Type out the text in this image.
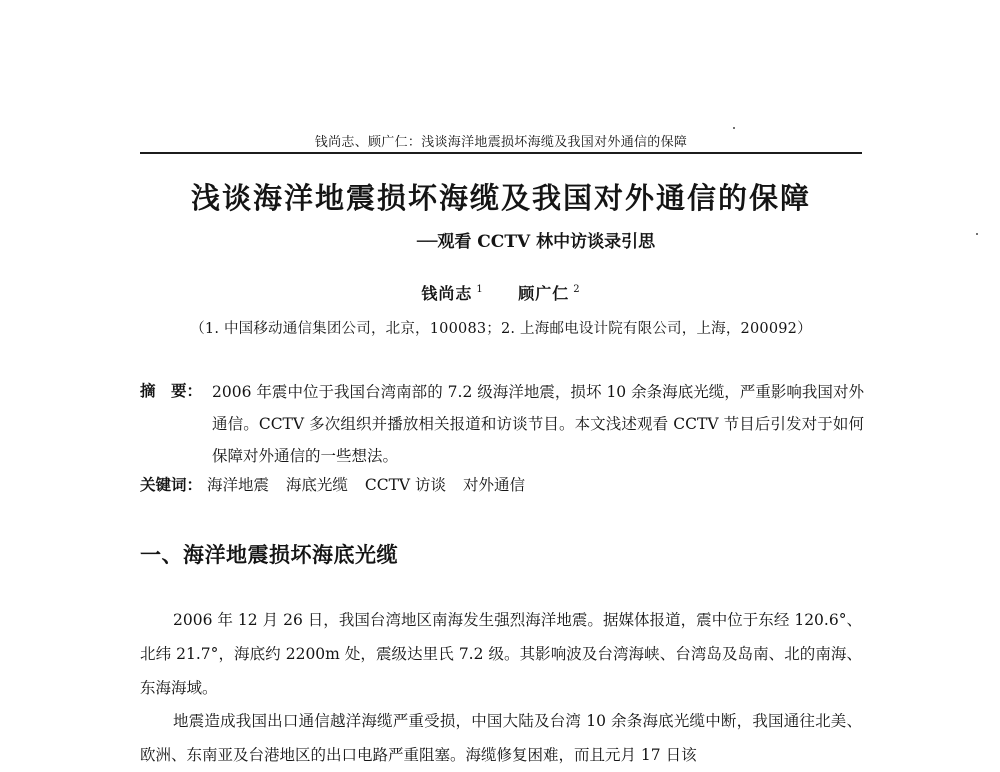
钱尚志、顾广仁：浅谈海洋地震损坏海缆及我国对外通信的保障
浅谈海洋地震损坏海缆及我国对外通信的保障
──观看 CCTV 林中访谈录引思
钱尚志 $^1$ 顾广仁 $^2$
（1. 中国移动通信集团公司，北京，100083；2. 上海邮电设计院有限公司，上海，200092）
摘　要： 2006 年震中位于我国台湾南部的 7.2 级海洋地震，损坏 10 余条海底光缆，严重影响我国对外通信。CCTV 多次组织并播放相关报道和访谈节目。本文浅述观看 CCTV 节目后引发对于如何保障对外通信的一些想法。
关键词： 海洋地震 海底光缆 CCTV 访谈 对外通信
一、海洋地震损坏海底光缆
2006 年 12 月 26 日，我国台湾地区南海发生强烈海洋地震。据媒体报道，震中位于东经 120.6°、北纬 21.7°，海底约 2200m 处，震级达里氏 7.2 级。其影响波及台湾海峡、台湾岛及岛南、北的南海、东海海域。
地震造成我国出口通信越洋海缆严重受损，中国大陆及台湾 10 余条海底光缆中断，我国通往北美、欧洲、东南亚及台港地区的出口电路严重阻塞。海缆修复困难，而且元月 17 日该
